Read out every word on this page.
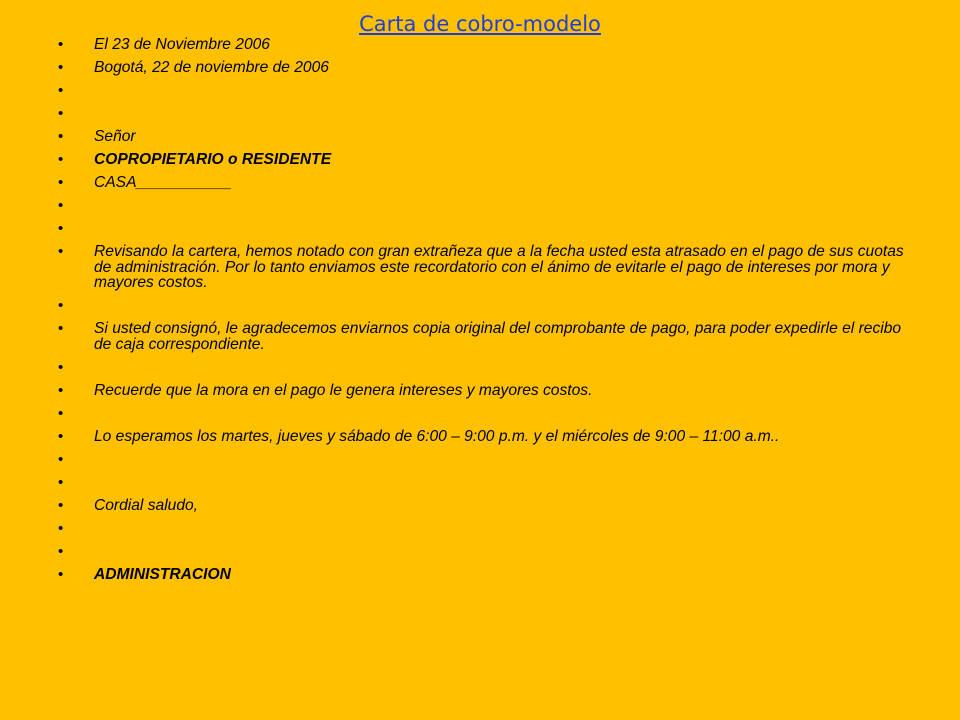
Carta de cobro-modelo
• El 23 de Noviembre 2006
• Bogotá, 22 de noviembre de 2006
•
•
• Señor
• COPROPIETARIO o RESIDENTE
• CASA___________
•
•
• Revisando la cartera, hemos notado con gran extrañeza que a la fecha usted esta atrasado en el pago de sus cuotas de administración. Por lo tanto enviamos este recordatorio con el ánimo de evitarle el pago de intereses por mora y mayores costos.
•
• Si usted consignó, le agradecemos enviarnos copia original del comprobante de pago, para poder expedirle el recibo de caja correspondiente.
•
• Recuerde que la mora en el pago le genera intereses y mayores costos.
•
• Lo esperamos los martes, jueves y sábado de 6:00 – 9:00 p.m. y el miércoles de 9:00 – 11:00 a.m..
•
•
• Cordial saludo,
•
•
• ADMINISTRACION
